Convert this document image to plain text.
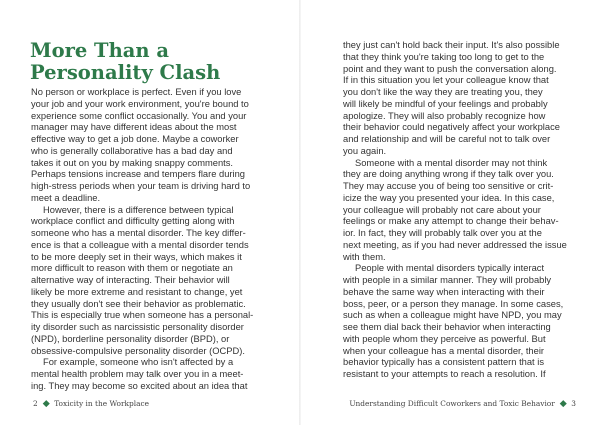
More Than a
Personality Clash

No person or workplace is perfect. Even if you love
your job and your work environment, you're bound to
experience some conflict occasionally. You and your
manager may have different ideas about the most
effective way to get a job done. Maybe a coworker
who is generally collaborative has a bad day and
takes it out on you by making snappy comments.
Perhaps tensions increase and tempers flare during
high-stress periods when your team is driving hard to
meet a deadline.

However, there is a difference between typical
workplace conflict and difficulty getting along with
someone who has a mental disorder. The key differ-
ence is that a colleague with a mental disorder tends
to be more deeply set in their ways, which makes it
more difficult to reason with them or negotiate an
alternative way of interacting. Their behavior will
likely be more extreme and resistant to change, yet
they usually don't see their behavior as problematic.
This is especially true when someone has a personal-
ity disorder such as narcissistic personality disorder
(NPD), borderline personality disorder (BPD), or
obsessive-compulsive personality disorder (OCPD).

For example, someone who isn't affected by a
mental health problem may talk over you in a meet-
ing. They may become so excited about an idea that

2 Toxicity in the Workplace

they just can't hold back their input. It's also possible
that they think you're taking too long to get to the
point and they want to push the conversation along.
If in this situation you let your colleague know that
you don't like the way they are treating you, they
will likely be mindful of your feelings and probably
apologize. They will also probably recognize how
their behavior could negatively affect your workplace
and relationship and will be careful not to talk over
you again.

Someone with a mental disorder may not think
they are doing anything wrong if they talk over you.
They may accuse you of being too sensitive or crit-
icize the way you presented your idea. In this case,
your colleague will probably not care about your
feelings or make any attempt to change their behav-
ior. In fact, they will probably talk over you at the
next meeting, as if you had never addressed the issue
with them.

People with mental disorders typically interact
with people in a similar manner. They will probably
behave the same way when interacting with their
boss, peer, or a person they manage. In some cases,
such as when a colleague might have NPD, you may
see them dial back their behavior when interacting
with people whom they perceive as powerful. But
when your colleague has a mental disorder, their
behavior typically has a consistent pattern that is
resistant to your attempts to reach a resolution. If

Understanding Difficult Coworkers and Toxic Behavior 3
